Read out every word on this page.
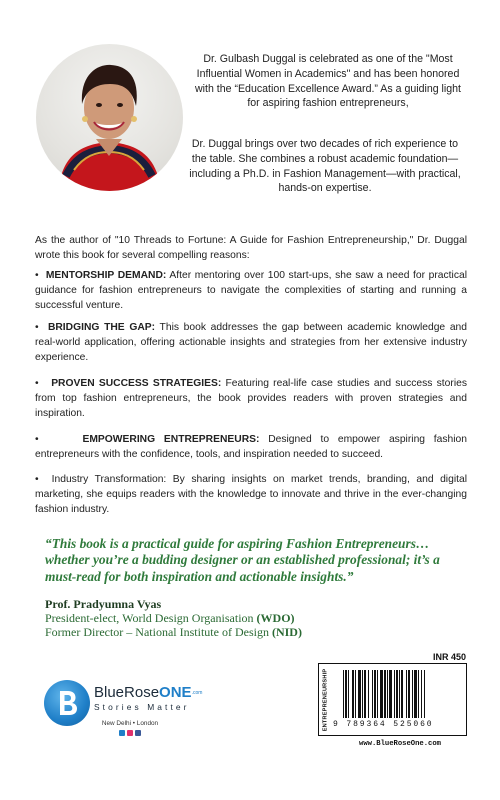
Dr. Gulbash Duggal is celebrated as one of the "Most Influential Women in Academics" and has been honored with the “Education Excellence Award.” As a guiding light for aspiring fashion entrepreneurs,

Dr. Duggal brings over two decades of rich experience to the table. She combines a robust academic foundation—including a Ph.D. in Fashion Management—with practical, hands-on expertise.

As the author of "10 Threads to Fortune: A Guide for Fashion Entrepreneurship," Dr. Duggal wrote this book for several compelling reasons:

• MENTORSHIP DEMAND: After mentoring over 100 start-ups, she saw a need for practical guidance for fashion entrepreneurs to navigate the complexities of starting and running a successful venture.

• BRIDGING THE GAP: This book addresses the gap between academic knowledge and real-world application, offering actionable insights and strategies from her extensive industry experience.

• PROVEN SUCCESS STRATEGIES: Featuring real-life case studies and success stories from top fashion entrepreneurs, the book provides readers with proven strategies and inspiration.

•	EMPOWERING ENTREPRENEURS: Designed to empower aspiring fashion entrepreneurs with the confidence, tools, and inspiration needed to succeed.

• Industry Transformation: By sharing insights on market trends, branding, and digital marketing, she equips readers with the knowledge to innovate and thrive in the ever-changing fashion industry.

“This book is a practical guide for aspiring Fashion Entrepreneurs…whether you’re a budding designer or an established professional; it’s a must-read for both inspiration and actionable insights.”

Prof. Pradyumna Vyas
President-elect, World Design Organisation (WDO)
Former Director – National Institute of Design (NID)
BlueRoseONE$^{.com}$
Stories Matter
New Delhi • London
INR 450
ENTREPRENEURSHIP 9 789364 525060
www.BlueRoseOne.com
